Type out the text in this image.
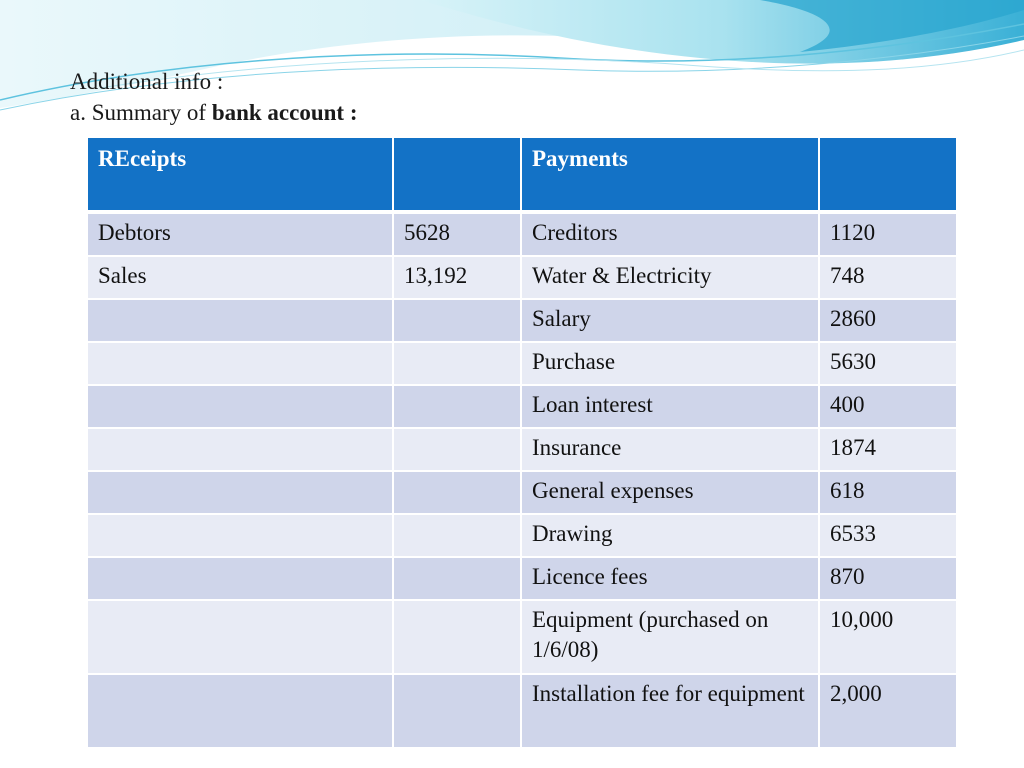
Additional info :
a. Summary of bank account :
REceipts		Payments	
Debtors	5628	Creditors	1120
Sales	13,192	Water & Electricity	748
		Salary	2860
		Purchase	5630
		Loan interest	400
		Insurance	1874
		General expenses	618
		Drawing	6533
		Licence fees	870
		Equipment (purchased on 1/6/08)	10,000
		Installation fee for equipment	2,000
